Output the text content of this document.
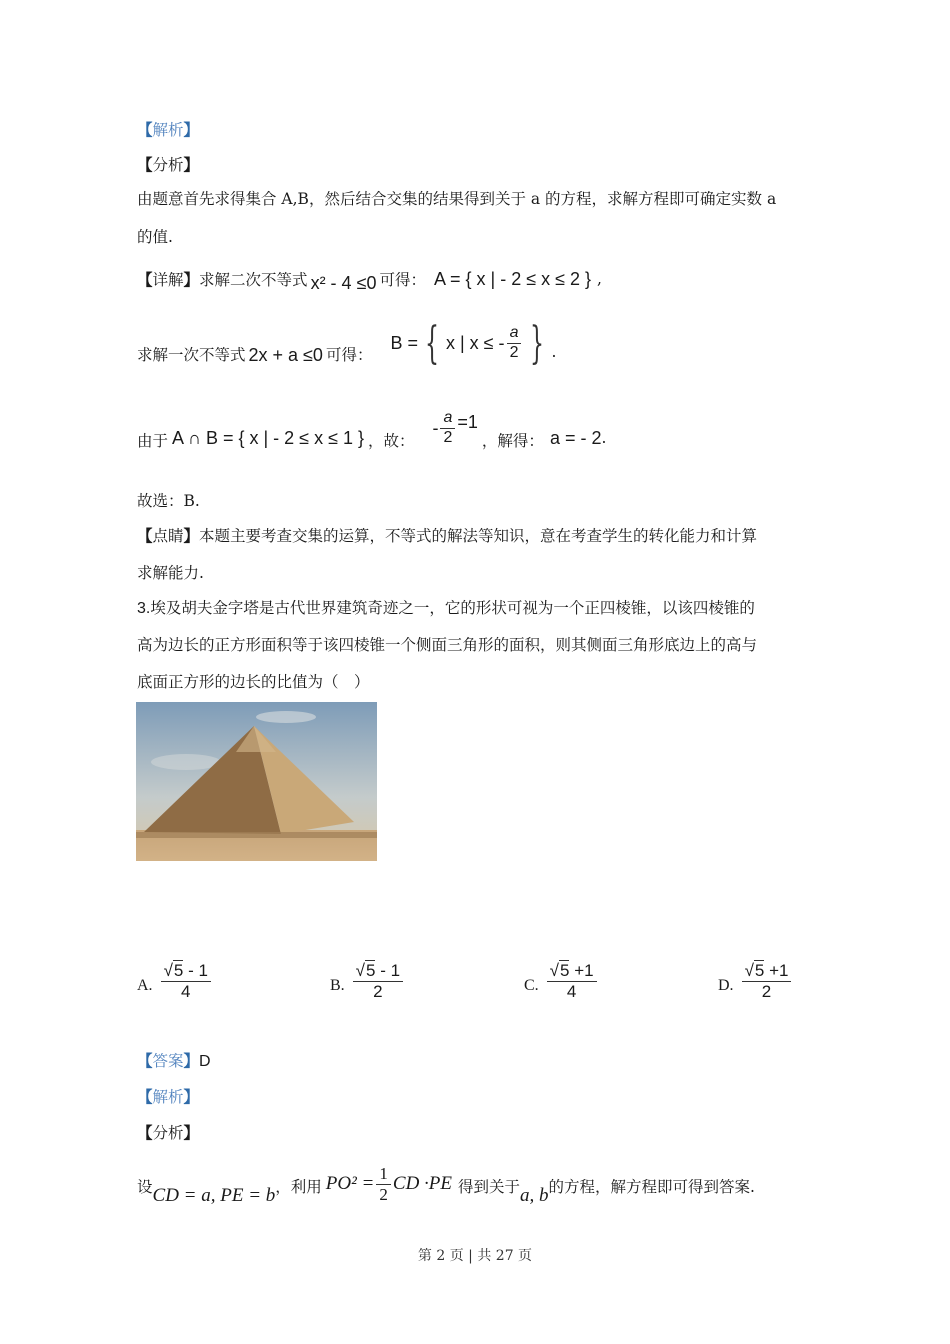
【解析】
【分析】
由题意首先求得集合 A,B，然后结合交集的结果得到关于 a 的方程，求解方程即可确定实数 a
的值.
【 详解 】 求解二次不等式 x² - 4 ≤0 可得： A = { x | - 2 ≤ x ≤ 2 } ,
求解一次不等式 2x + a ≤0 可得：
B = { x | x ≤ - $\frac{a}{2}$ } .
由于 A ∩ B = { x | - 2 ≤ x ≤ 1 } ，故：
- $\frac{a}{2} =1$
，解得： a = - 2 .
故选：B.
【点睛】本题主要考查交集的运算，不等式的解法等知识，意在考查学生的转化能力和计算
求解能力.
3.埃及胡夫金字塔是古代世界建筑奇迹之一，它的形状可视为一个正四棱锥，以该四棱锥的
高为边长的正方形面积等于该四棱锥一个侧面三角形的面积，则其侧面三角形底边上的高与
底面正方形的边长的比值为（　）
A. $\frac{√5 - 1}{4}$	B. $\frac{√5 - 1}{2}$	C. $\frac{√5 +1}{4}$	D. $\frac{√5 +1}{2}$
【答案】D
【解析】
【分析】
设 CD = a, PE = b ，利用 $PO^2 = \frac{1}{2}$ CD ·PE 得到关于 a, b 的方程，解方程即可得到答案.
第 2 页 | 共 27 页
